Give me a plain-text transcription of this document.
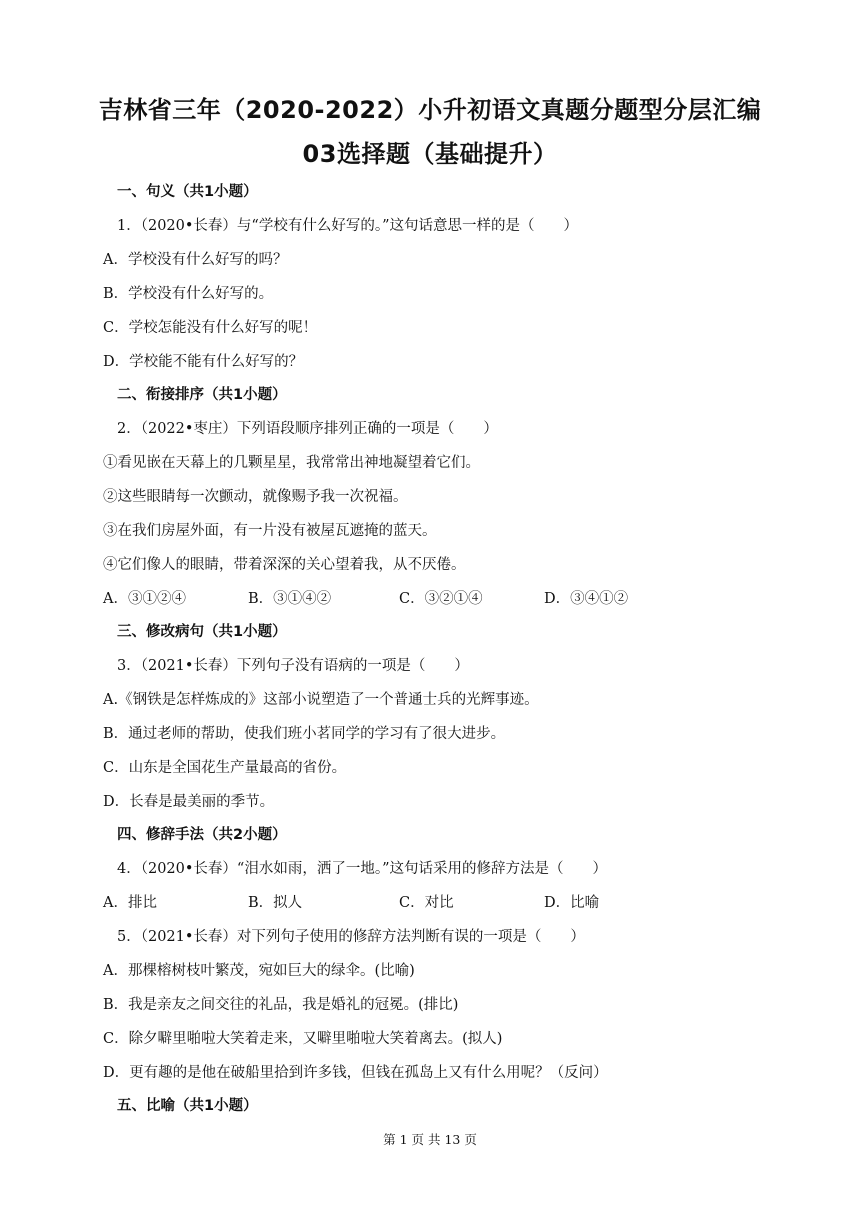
吉林省三年（2020-2022）小升初语文真题分题型分层汇编
03选择题（基础提升）
一、句义（共1小题）
1．（2020•长春）与“学校有什么好写的。”这句话意思一样的是（　　）
A．学校没有什么好写的吗？
B．学校没有什么好写的。
C．学校怎能没有什么好写的呢！
D．学校能不能有什么好写的？
二、衔接排序（共1小题）
2．（2022•枣庄）下列语段顺序排列正确的一项是（　　）
①看见嵌在天幕上的几颗星星，我常常出神地凝望着它们。
②这些眼睛每一次颤动，就像赐予我一次祝福。
③在我们房屋外面，有一片没有被屋瓦遮掩的蓝天。
④它们像人的眼睛，带着深深的关心望着我，从不厌倦。
A．③①②④	B．③①④②	C．③②①④	D．③④①②
三、修改病句（共1小题）
3．（2021•长春）下列句子没有语病的一项是（　　）
A.《钢铁是怎样炼成的》这部小说塑造了一个普通士兵的光辉事迹。
B．通过老师的帮助，使我们班小茗同学的学习有了很大进步。
C．山东是全国花生产量最高的省份。
D．长春是最美丽的季节。
四、修辞手法（共2小题）
4．（2020•长春）“泪水如雨，洒了一地。”这句话采用的修辞方法是（　　）
A．排比	B．拟人	C．对比	D．比喻
5．（2021•长春）对下列句子使用的修辞方法判断有误的一项是（　　）
A．那棵榕树枝叶繁茂，宛如巨大的绿伞。(比喻)
B．我是亲友之间交往的礼品，我是婚礼的冠冕。(排比)
C．除夕噼里啪啦大笑着走来，又噼里啪啦大笑着离去。(拟人)
D．更有趣的是他在破船里拾到许多钱，但钱在孤岛上又有什么用呢？（反问）
五、比喻（共1小题）
第 1 页 共 13 页
